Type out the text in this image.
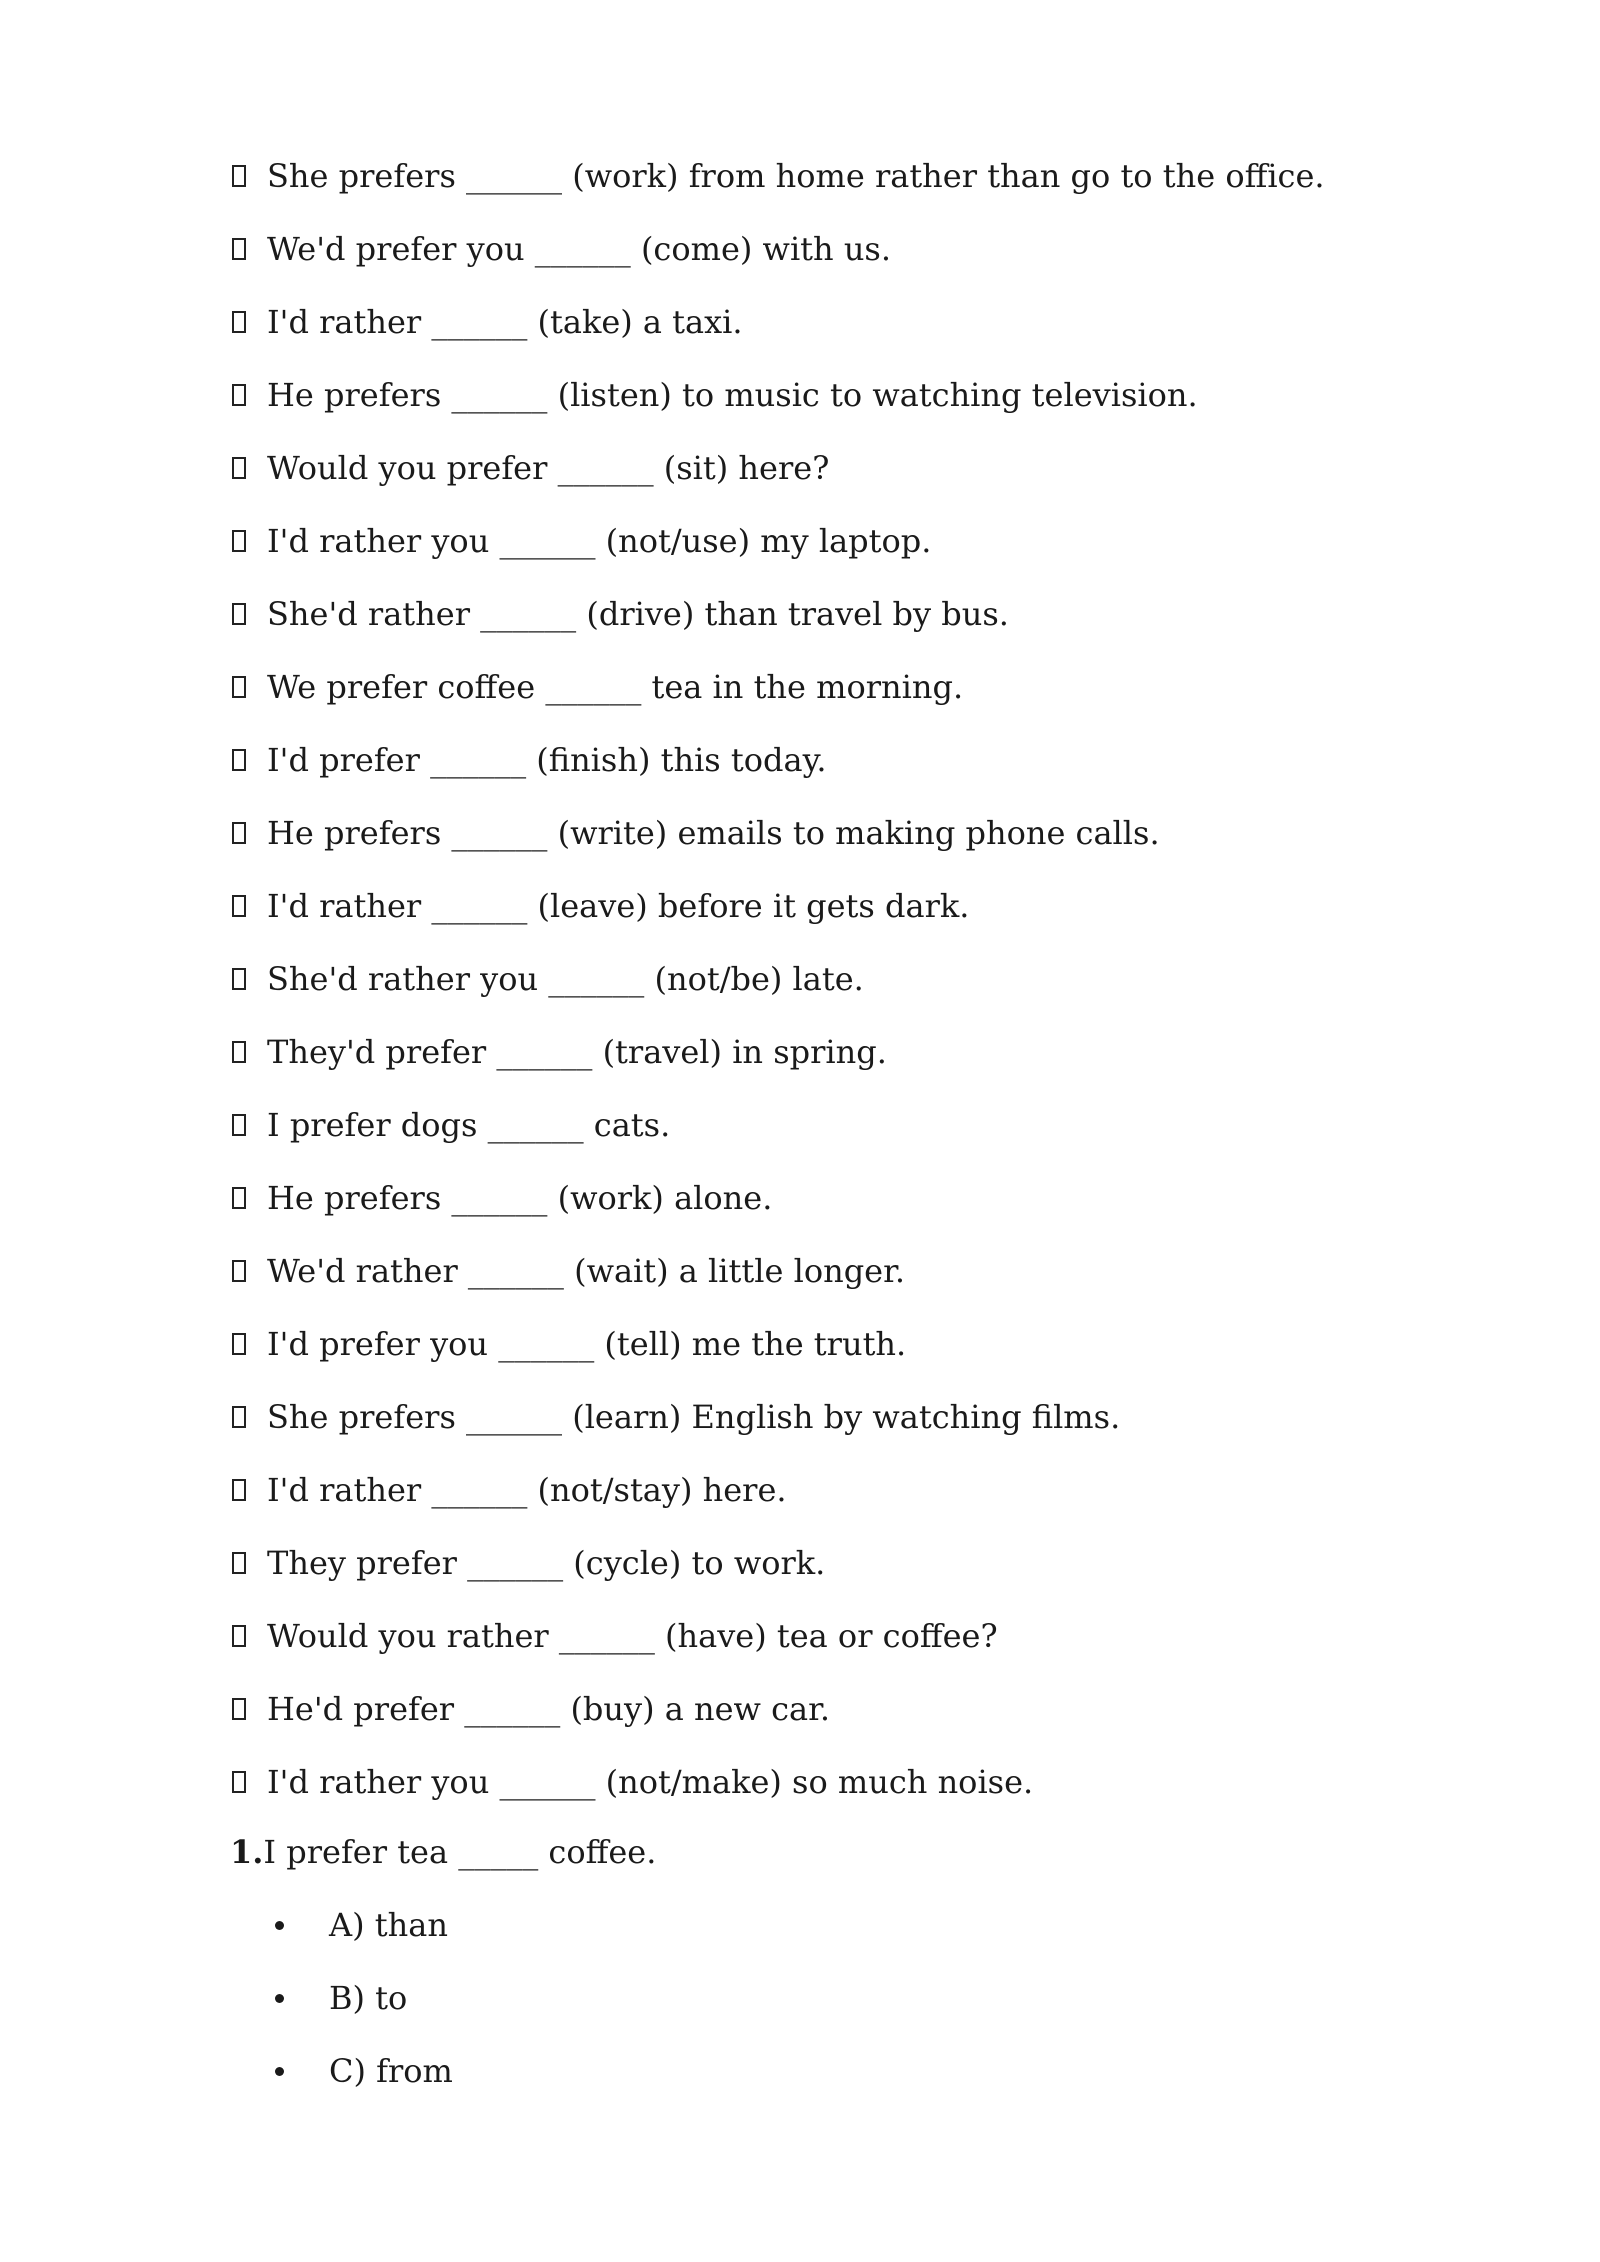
She prefers ______ (work) from home rather than go to the office.
We'd prefer you ______ (come) with us.
I'd rather ______ (take) a taxi.
He prefers ______ (listen) to music to watching television.
Would you prefer ______ (sit) here?
I'd rather you ______ (not/use) my laptop.
She'd rather ______ (drive) than travel by bus.
We prefer coffee ______ tea in the morning.
I'd prefer ______ (finish) this today.
He prefers ______ (write) emails to making phone calls.
I'd rather ______ (leave) before it gets dark.
She'd rather you ______ (not/be) late.
They'd prefer ______ (travel) in spring.
I prefer dogs ______ cats.
He prefers ______ (work) alone.
We'd rather ______ (wait) a little longer.
I'd prefer you ______ (tell) me the truth.
She prefers ______ (learn) English by watching films.
I'd rather ______ (not/stay) here.
They prefer ______ (cycle) to work.
Would you rather ______ (have) tea or coffee?
He'd prefer ______ (buy) a new car.
I'd rather you ______ (not/make) so much noise.
1.I prefer tea _____ coffee.
A) than
B) to
C) from
